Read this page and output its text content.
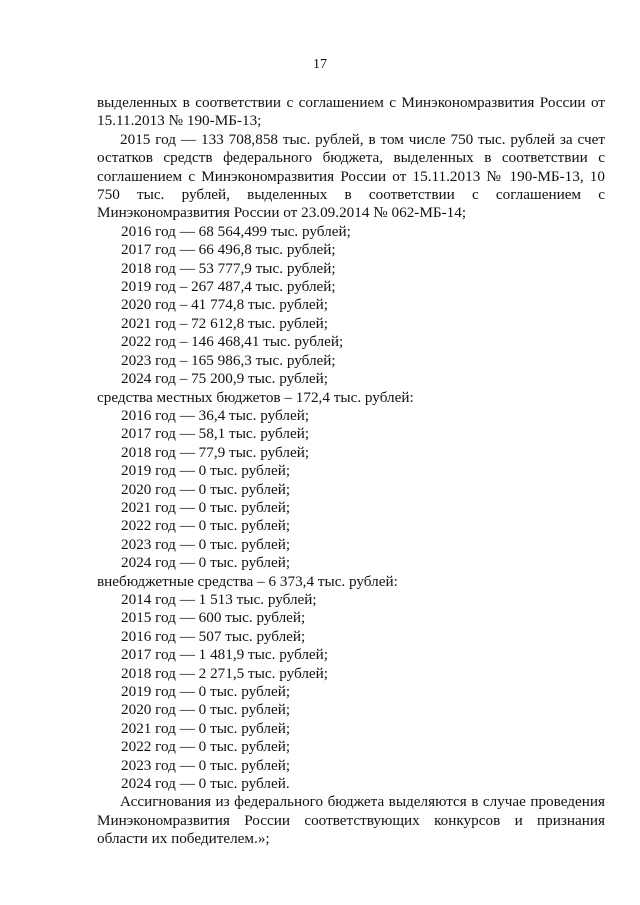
17

выделенных в соответствии с соглашением с Минэкономразвития России от 15.11.2013 № 190-МБ-13;

2015 год — 133 708,858 тыс. рублей, в том числе 750 тыс. рублей за счет остатков средств федерального бюджета, выделенных в соответствии с соглашением с Минэкономразвития России от 15.11.2013 № 190-МБ-13, 10 750 тыс. рублей, выделенных в соответствии с соглашением с Минэкономразвития России от 23.09.2014 № 062-МБ-14;

2016 год — 68 564,499 тыс. рублей;
2017 год — 66 496,8 тыс. рублей;
2018 год — 53 777,9 тыс. рублей;
2019 год – 267 487,4 тыс. рублей;
2020 год – 41 774,8 тыс. рублей;
2021 год – 72 612,8 тыс. рублей;
2022 год – 146 468,41 тыс. рублей;
2023 год – 165 986,3 тыс. рублей;
2024 год – 75 200,9 тыс. рублей;

средства местных бюджетов – 172,4 тыс. рублей:

2016 год — 36,4 тыс. рублей;
2017 год — 58,1 тыс. рублей;
2018 год — 77,9 тыс. рублей;
2019 год — 0 тыс. рублей;
2020 год — 0 тыс. рублей;
2021 год — 0 тыс. рублей;
2022 год — 0 тыс. рублей;
2023 год — 0 тыс. рублей;
2024 год — 0 тыс. рублей;

внебюджетные средства – 6 373,4 тыс. рублей:

2014 год — 1 513 тыс. рублей;
2015 год — 600 тыс. рублей;
2016 год — 507 тыс. рублей;
2017 год — 1 481,9 тыс. рублей;
2018 год — 2 271,5 тыс. рублей;
2019 год — 0 тыс. рублей;
2020 год — 0 тыс. рублей;
2021 год — 0 тыс. рублей;
2022 год — 0 тыс. рублей;
2023 год — 0 тыс. рублей;
2024 год — 0 тыс. рублей.

Ассигнования из федерального бюджета выделяются в случае проведения Минэкономразвития России соответствующих конкурсов и признания области их победителем.»;
